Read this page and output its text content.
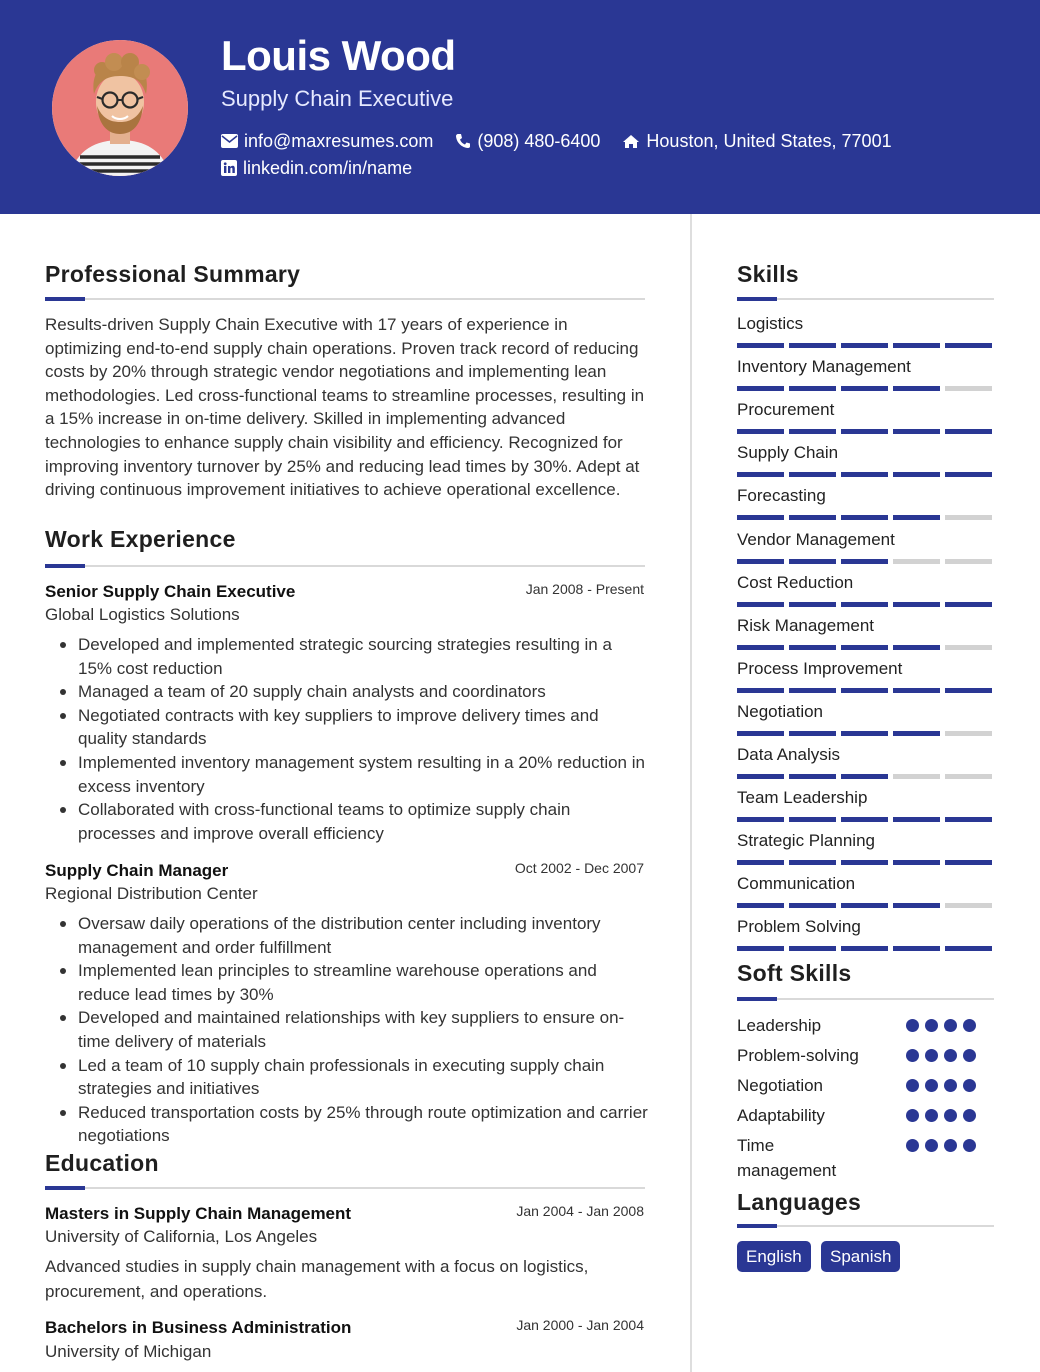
Louis Wood
Supply Chain Executive
info@maxresumes.com (908) 480-6400	Houston, United States, 77001
linkedin.com/in/name
Professional Summary
Results-driven Supply Chain Executive with 17 years of experience in optimizing end-to-end supply chain operations. Proven track record of reducing costs by 20% through strategic vendor negotiations and implementing lean methodologies. Led cross-functional teams to streamline processes, resulting in a 15% increase in on-time delivery. Skilled in implementing advanced technologies to enhance supply chain visibility and efficiency. Recognized for improving inventory turnover by 25% and reducing lead times by 30%. Adept at driving continuous improvement initiatives to achieve operational excellence.
Work Experience
Senior Supply Chain Executive	Jan 2008 - Present
Global Logistics Solutions
Developed and implemented strategic sourcing strategies resulting in a 15% cost reduction
Managed a team of 20 supply chain analysts and coordinators
Negotiated contracts with key suppliers to improve delivery times and quality standards
Implemented inventory management system resulting in a 20% reduction in excess inventory
Collaborated with cross-functional teams to optimize supply chain processes and improve overall efficiency
Supply Chain Manager	Oct 2002 - Dec 2007
Regional Distribution Center
Oversaw daily operations of the distribution center including inventory management and order fulfillment
Implemented lean principles to streamline warehouse operations and reduce lead times by 30%
Developed and maintained relationships with key suppliers to ensure on-time delivery of materials
Led a team of 10 supply chain professionals in executing supply chain strategies and initiatives
Reduced transportation costs by 25% through route optimization and carrier negotiations
Education
Masters in Supply Chain Management	Jan 2004 - Jan 2008
University of California, Los Angeles
Advanced studies in supply chain management with a focus on logistics, procurement, and operations.
Bachelors in Business Administration	Jan 2000 - Jan 2004
University of Michigan
Skills
Logistics
Inventory Management
Procurement
Supply Chain
Forecasting
Vendor Management
Cost Reduction
Risk Management
Process Improvement
Negotiation
Data Analysis
Team Leadership
Strategic Planning
Communication
Problem Solving
Soft Skills
Leadership
Problem-solving
Negotiation
Adaptability
Time management
Languages
English	Spanish
